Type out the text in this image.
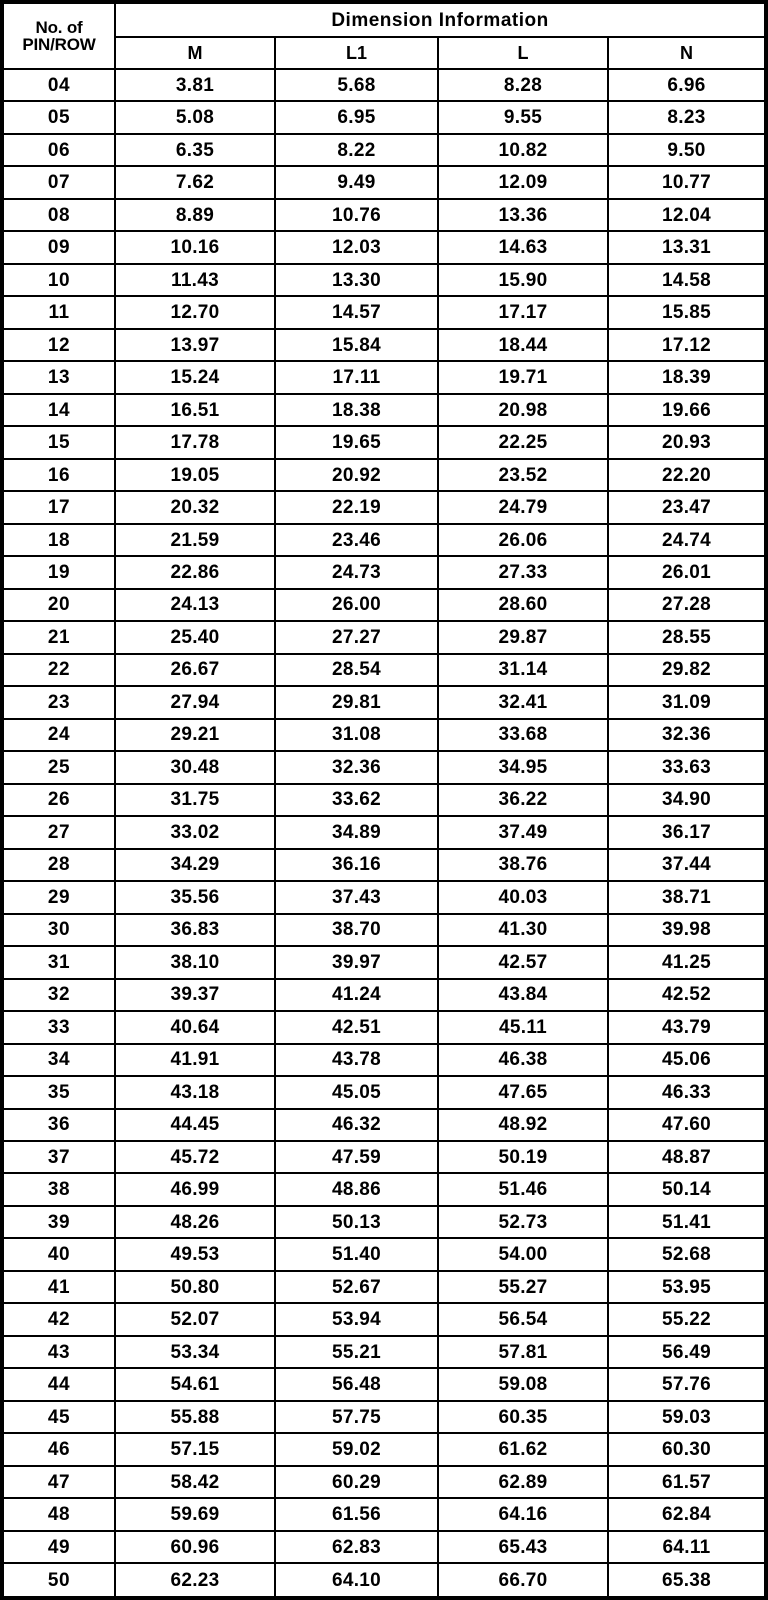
No. of
PIN/ROW	Dimension Information			
	M	L1	L	N
04	3.81	5.68	8.28	6.96
05	5.08	6.95	9.55	8.23
06	6.35	8.22	10.82	9.50
07	7.62	9.49	12.09	10.77
08	8.89	10.76	13.36	12.04
09	10.16	12.03	14.63	13.31
10	11.43	13.30	15.90	14.58
11	12.70	14.57	17.17	15.85
12	13.97	15.84	18.44	17.12
13	15.24	17.11	19.71	18.39
14	16.51	18.38	20.98	19.66
15	17.78	19.65	22.25	20.93
16	19.05	20.92	23.52	22.20
17	20.32	22.19	24.79	23.47
18	21.59	23.46	26.06	24.74
19	22.86	24.73	27.33	26.01
20	24.13	26.00	28.60	27.28
21	25.40	27.27	29.87	28.55
22	26.67	28.54	31.14	29.82
23	27.94	29.81	32.41	31.09
24	29.21	31.08	33.68	32.36
25	30.48	32.36	34.95	33.63
26	31.75	33.62	36.22	34.90
27	33.02	34.89	37.49	36.17
28	34.29	36.16	38.76	37.44
29	35.56	37.43	40.03	38.71
30	36.83	38.70	41.30	39.98
31	38.10	39.97	42.57	41.25
32	39.37	41.24	43.84	42.52
33	40.64	42.51	45.11	43.79
34	41.91	43.78	46.38	45.06
35	43.18	45.05	47.65	46.33
36	44.45	46.32	48.92	47.60
37	45.72	47.59	50.19	48.87
38	46.99	48.86	51.46	50.14
39	48.26	50.13	52.73	51.41
40	49.53	51.40	54.00	52.68
41	50.80	52.67	55.27	53.95
42	52.07	53.94	56.54	55.22
43	53.34	55.21	57.81	56.49
44	54.61	56.48	59.08	57.76
45	55.88	57.75	60.35	59.03
46	57.15	59.02	61.62	60.30
47	58.42	60.29	62.89	61.57
48	59.69	61.56	64.16	62.84
49	60.96	62.83	65.43	64.11
50	62.23	64.10	66.70	65.38
